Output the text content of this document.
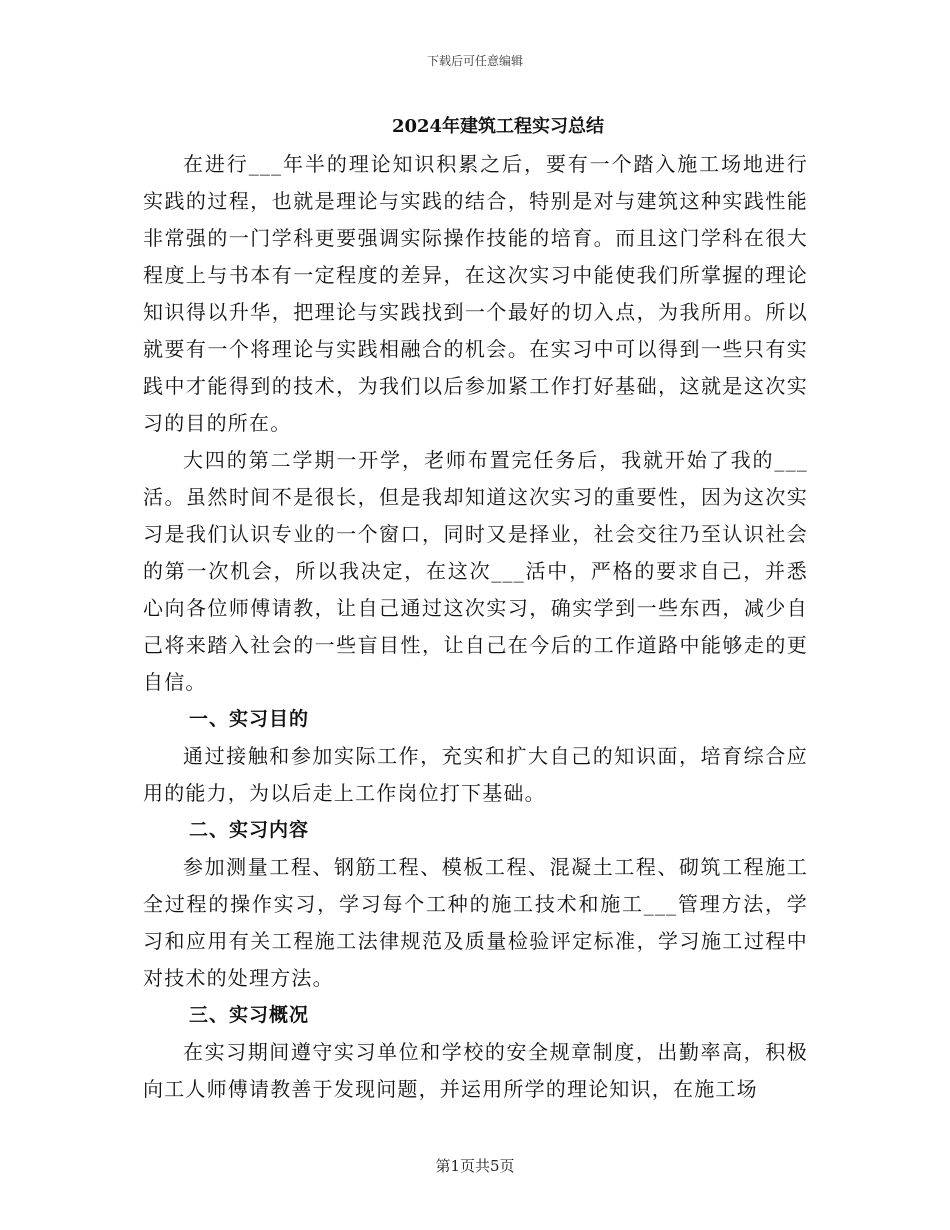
下载后可任意编辑
2024年建筑工程实习总结

在进行___年半的理论知识积累之后，要有一个踏入施工场地进行实践的过程，也就是理论与实践的结合，特别是对与建筑这种实践性能非常强的一门学科更要强调实际操作技能的培育。而且这门学科在很大程度上与书本有一定程度的差异，在这次实习中能使我们所掌握的理论知识得以升华，把理论与实践找到一个最好的切入点，为我所用。所以就要有一个将理论与实践相融合的机会。在实习中可以得到一些只有实践中才能得到的技术，为我们以后参加紧工作打好基础，这就是这次实习的目的所在。

大四的第二学期一开学，老师布置完任务后，我就开始了我的___活。虽然时间不是很长，但是我却知道这次实习的重要性，因为这次实习是我们认识专业的一个窗口，同时又是择业，社会交往乃至认识社会的第一次机会，所以我决定，在这次___活中，严格的要求自己，并悉心向各位师傅请教，让自己通过这次实习，确实学到一些东西，减少自己将来踏入社会的一些盲目性，让自己在今后的工作道路中能够走的更自信。

一、实习目的

通过接触和参加实际工作，充实和扩大自己的知识面，培育综合应用的能力，为以后走上工作岗位打下基础。

二、实习内容

参加测量工程、钢筋工程、模板工程、混凝土工程、砌筑工程施工全过程的操作实习，学习每个工种的施工技术和施工___管理方法，学习和应用有关工程施工法律规范及质量检验评定标准，学习施工过程中对技术的处理方法。

三、实习概况

在实习期间遵守实习单位和学校的安全规章制度，出勤率高，积极向工人师傅请教善于发现问题，并运用所学的理论知识，在施工场

第1页共5页
